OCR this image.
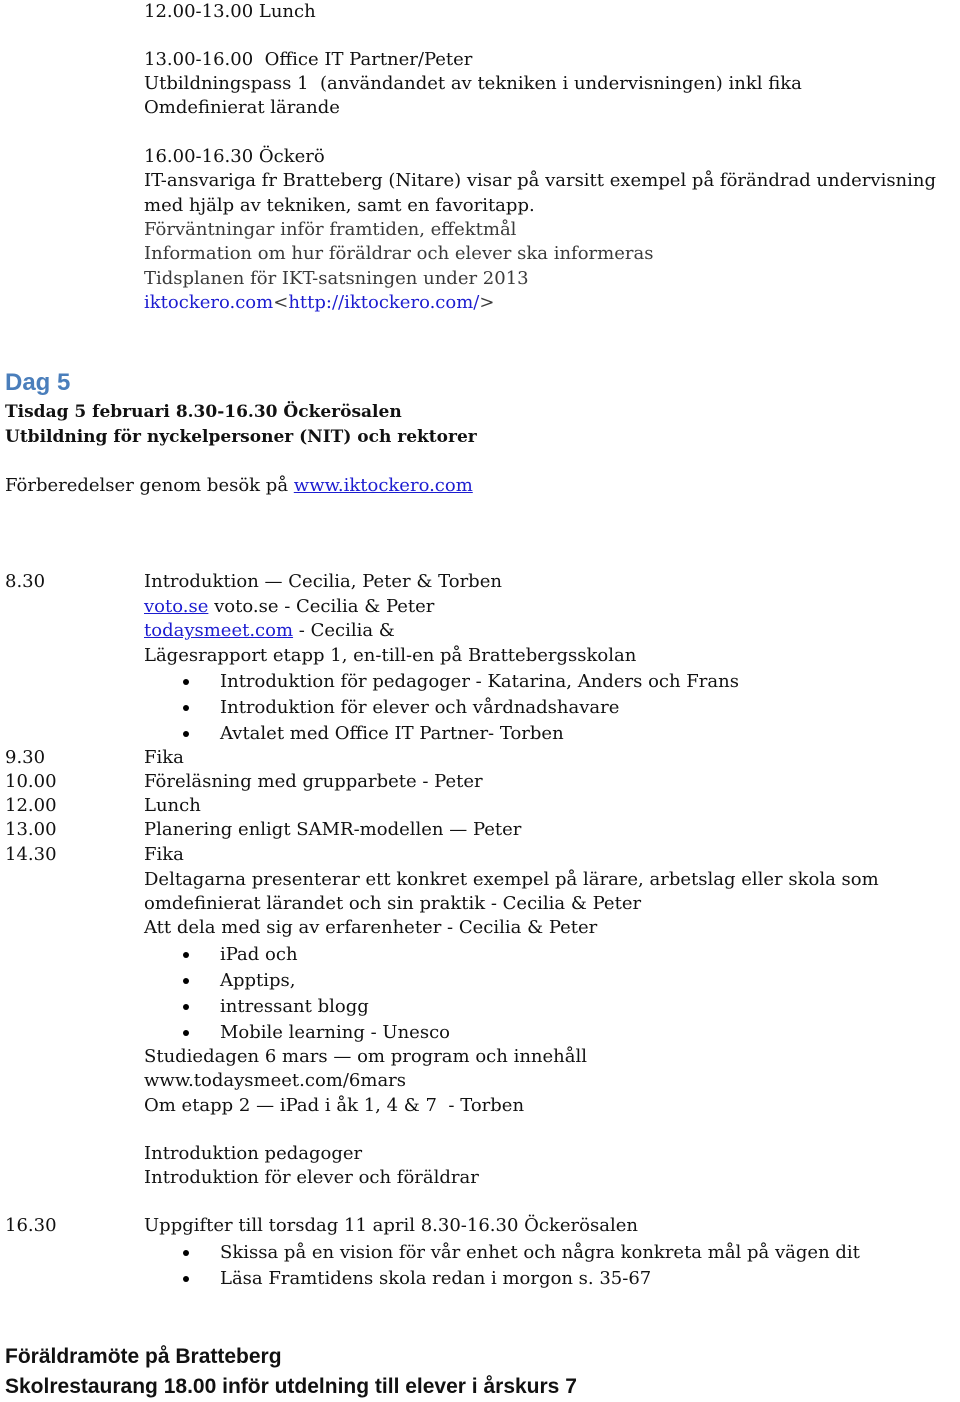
12.00-13.00 Lunch
13.00-16.00  Office IT Partner/Peter
Utbildningspass 1  (användandet av tekniken i undervisningen) inkl fika
Omdefinierat lärande
16.00-16.30 Öckerö
IT-ansvariga fr Bratteberg (Nitare) visar på varsitt exempel på förändrad undervisning
med hjälp av tekniken, samt en favoritapp.
Förväntningar inför framtiden, effektmål
Information om hur föräldrar och elever ska informeras
Tidsplanen för IKT-satsningen under 2013
iktockero.com<http://iktockero.com/>
Dag 5
Tisdag 5 februari 8.30-16.30 Öckerösalen
Utbildning för nyckelpersoner (NIT) och rektorer
Förberedelser genom besök på www.iktockero.com
8.30	Introduktion — Cecilia, Peter & Torben
voto.se voto.se - Cecilia & Peter
todaysmeet.com - Cecilia &
Lägesrapport etapp 1, en-till-en på Brattebergsskolan
Introduktion för pedagoger - Katarina, Anders och Frans
Introduktion för elever och vårdnadshavare
Avtalet med Office IT Partner- Torben
9.30	Fika
10.00	Föreläsning med grupparbete - Peter
12.00	Lunch
13.00	Planering enligt SAMR-modellen — Peter
14.30	Fika
Deltagarna presenterar ett konkret exempel på lärare, arbetslag eller skola som
omdefinierat lärandet och sin praktik - Cecilia & Peter
Att dela med sig av erfarenheter - Cecilia & Peter
iPad och
Apptips,
intressant blogg
Mobile learning - Unesco
Studiedagen 6 mars — om program och innehåll
www.todaysmeet.com/6mars
Om etapp 2 — iPad i åk 1, 4 & 7  - Torben
Introduktion pedagoger
Introduktion för elever och föräldrar
16.30	Uppgifter till torsdag 11 april 8.30-16.30 Öckerösalen
Skissa på en vision för vår enhet och några konkreta mål på vägen dit
Läsa Framtidens skola redan i morgon s. 35-67
Föräldramöte på Bratteberg
Skolrestaurang 18.00 inför utdelning till elever i årskurs 7
